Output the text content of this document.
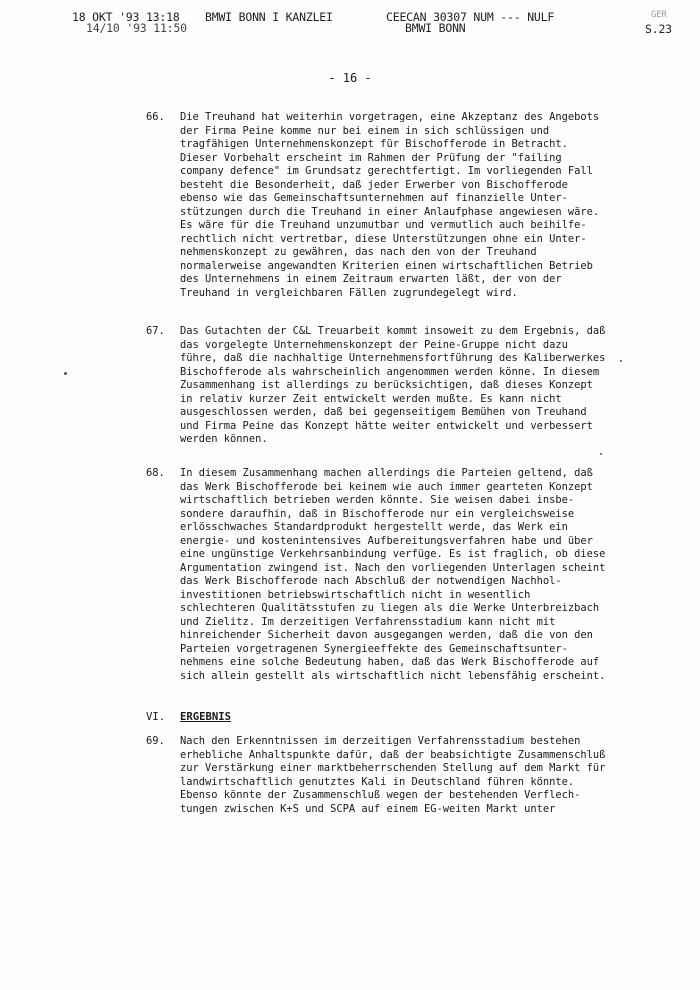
18 OKT '93 13:18
14/10 '93 11:50
BMWI BONN I KANZLEI	CEECAN 30307 NUM --- NULF
BMWI BONN
GER
S.23
- 16 -
66. Die Treuhand hat weiterhin vorgetragen, eine Akzeptanz des Angebots
der Firma Peine komme nur bei einem in sich schlüssigen und
tragfähigen Unternehmenskonzept für Bischofferode in Betracht.
Dieser Vorbehalt erscheint im Rahmen der Prüfung der "failing
company defence" im Grundsatz gerechtfertigt. Im vorliegenden Fall
besteht die Besonderheit, daß jeder Erwerber von Bischofferode
ebenso wie das Gemeinschaftsunternehmen auf finanzielle Unter-
stützungen durch die Treuhand in einer Anlaufphase angewiesen wäre.
Es wäre für die Treuhand unzumutbar und vermutlich auch beihilfe-
rechtlich nicht vertretbar, diese Unterstützungen ohne ein Unter-
nehmenskonzept zu gewähren, das nach den von der Treuhand
normalerweise angewandten Kriterien einen wirtschaftlichen Betrieb
des Unternehmens in einem Zeitraum erwarten läßt, der von der
Treuhand in vergleichbaren Fällen zugrundegelegt wird.
67. Das Gutachten der C&L Treuarbeit kommt insoweit zu dem Ergebnis, daß
das vorgelegte Unternehmenskonzept der Peine-Gruppe nicht dazu
führe, daß die nachhaltige Unternehmensfortführung des Kaliberwerkes
Bischofferode als wahrscheinlich angenommen werden könne. In diesem
Zusammenhang ist allerdings zu berücksichtigen, daß dieses Konzept
in relativ kurzer Zeit entwickelt werden mußte. Es kann nicht
ausgeschlossen werden, daß bei gegenseitigem Bemühen von Treuhand
und Firma Peine das Konzept hätte weiter entwickelt und verbessert
werden können.
68. In diesem Zusammenhang machen allerdings die Parteien geltend, daß
das Werk Bischofferode bei keinem wie auch immer gearteten Konzept
wirtschaftlich betrieben werden könnte. Sie weisen dabei insbe-
sondere daraufhin, daß in Bischofferode nur ein vergleichsweise
erlösschwaches Standardprodukt hergestellt werde, das Werk ein
energie- und kostenintensives Aufbereitungsverfahren habe und über
eine ungünstige Verkehrsanbindung verfüge. Es ist fraglich, ob diese
Argumentation zwingend ist. Nach den vorliegenden Unterlagen scheint
das Werk Bischofferode nach Abschluß der notwendigen Nachhol-
investitionen betriebswirtschaftlich nicht in wesentlich
schlechteren Qualitätsstufen zu liegen als die Werke Unterbreizbach
und Zielitz. Im derzeitigen Verfahrensstadium kann nicht mit
hinreichender Sicherheit davon ausgegangen werden, daß die von den
Parteien vorgetragenen Synergieeffekte des Gemeinschaftsunter-
nehmens eine solche Bedeutung haben, daß das Werk Bischofferode auf
sich allein gestellt als wirtschaftlich nicht lebensfähig erscheint.
VI. ERGEBNIS
69. Nach den Erkenntnissen im derzeitigen Verfahrensstadium bestehen
erhebliche Anhaltspunkte dafür, daß der beabsichtigte Zusammenschluß
zur Verstärkung einer marktbeherrschenden Stellung auf dem Markt für
landwirtschaftlich genutztes Kali in Deutschland führen könnte.
Ebenso könnte der Zusammenschluß wegen der bestehenden Verflech-
tungen zwischen K+S und SCPA auf einem EG-weiten Markt unter
